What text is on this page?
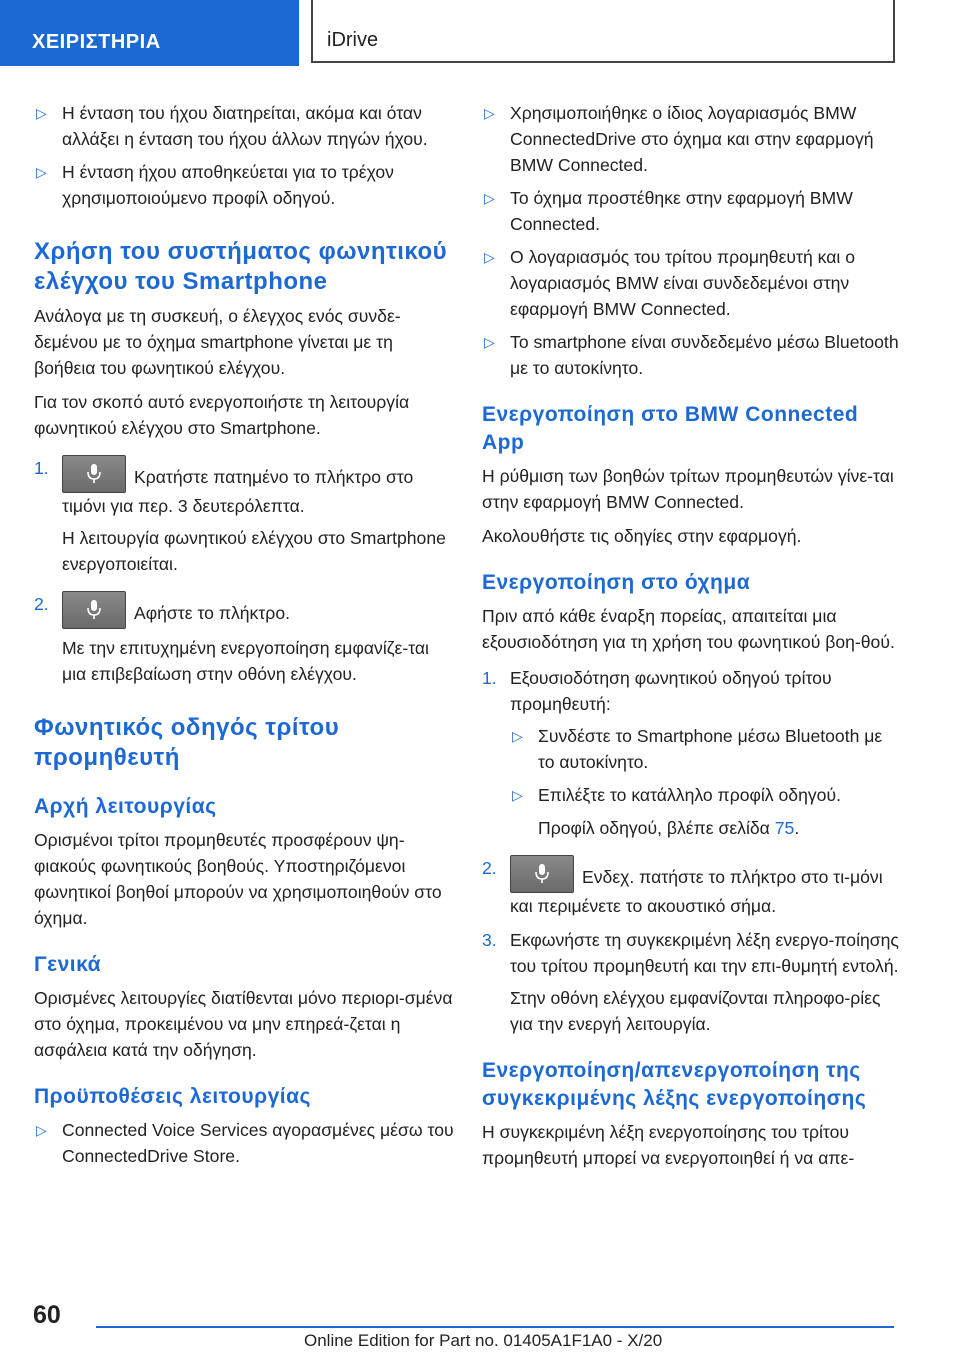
ΧΕΙΡΙΣΤΗΡΙΑ	iDrive
▷ Η ένταση του ήχου διατηρείται, ακόμα και όταν αλλάξει η ένταση του ήχου άλλων πηγών ήχου.
▷ Η ένταση ήχου αποθηκεύεται για το τρέχον χρησιμοποιούμενο προφίλ οδηγού.
Χρήση του συστήματος φωνητικού ελέγχου του Smartphone

Ανάλογα με τη συσκευή, ο έλεγχος ενός συνδε-δεμένου με το όχημα smartphone γίνεται με τη βοήθεια του φωνητικού ελέγχου.

Για τον σκοπό αυτό ενεργοποιήστε τη λειτουργία φωνητικού ελέγχου στο Smartphone.

1.	Κρατήστε πατημένο το πλήκτρο στο τιμόνι για περ. 3 δευτερόλεπτα.

Η λειτουργία φωνητικού ελέγχου στο Smartphone ενεργοποιείται.

2.	Αφήστε το πλήκτρο.

Με την επιτυχημένη ενεργοποίηση εμφανίζε-ται μια επιβεβαίωση στην οθόνη ελέγχου.

Φωνητικός οδηγός τρίτου προμηθευτή
Αρχή λειτουργίας

Ορισμένοι τρίτοι προμηθευτές προσφέρουν ψη-φιακούς φωνητικούς βοηθούς. Υποστηριζόμενοι φωνητικοί βοηθοί μπορούν να χρησιμοποιηθούν στο όχημα.

Γενικά

Ορισμένες λειτουργίες διατίθενται μόνο περιορι-σμένα στο όχημα, προκειμένου να μην επηρεά-ζεται η ασφάλεια κατά την οδήγηση.

Προϋποθέσεις λειτουργίας
▷ Connected Voice Services αγορασμένες μέσω του ConnectedDrive Store.
▷ Χρησιμοποιήθηκε ο ίδιος λογαριασμός BMW ConnectedDrive στο όχημα και στην εφαρμογή BMW Connected.
▷ Το όχημα προστέθηκε στην εφαρμογή BMW Connected.
▷ Ο λογαριασμός του τρίτου προμηθευτή και ο λογαριασμός BMW είναι συνδεδεμένοι στην εφαρμογή BMW Connected.
▷ Το smartphone είναι συνδεδεμένο μέσω Bluetooth με το αυτοκίνητο.
Ενεργοποίηση στο BMW Connected App

Η ρύθμιση των βοηθών τρίτων προμηθευτών γίνε-ται στην εφαρμογή BMW Connected.

Ακολουθήστε τις οδηγίες στην εφαρμογή.

Ενεργοποίηση στο όχημα

Πριν από κάθε έναρξη πορείας, απαιτείται μια εξουσιοδότηση για τη χρήση του φωνητικού βοη-θού.

1. Εξουσιοδότηση φωνητικού οδηγού τρίτου προμηθευτή:

▷ Συνδέστε το Smartphone μέσω Bluetooth με το αυτοκίνητο.
▷ Επιλέξτε το κατάλληλο προφίλ οδηγού.

Προφίλ οδηγού, βλέπε σελίδα 75.

2.	Ενδεχ. πατήστε το πλήκτρο στο τι-μόνι και περιμένετε το ακουστικό σήμα.

3. Εκφωνήστε τη συγκεκριμένη λέξη ενεργο-ποίησης του τρίτου προμηθευτή και την επι-θυμητή εντολή.

Στην οθόνη ελέγχου εμφανίζονται πληροφο-ρίες για την ενεργή λειτουργία.

Ενεργοποίηση/απενεργοποίηση της συγκεκριμένης λέξης ενεργοποίησης

Η συγκεκριμένη λέξη ενεργοποίησης του τρίτου προμηθευτή μπορεί να ενεργοποιηθεί ή να απε-

60
Online Edition for Part no. 01405A1F1A0 - X/20
